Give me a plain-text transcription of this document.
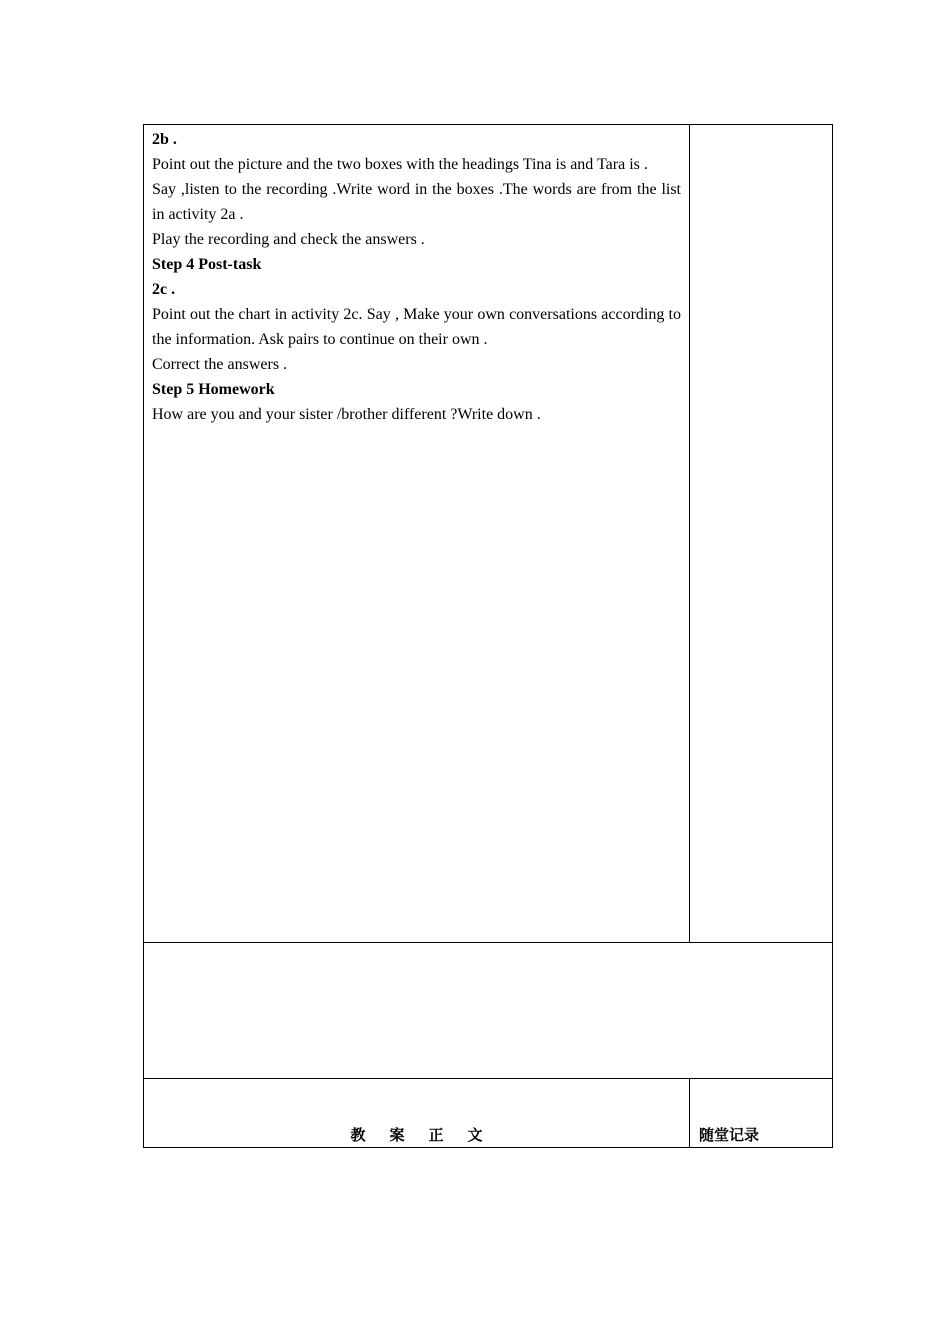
2b .

Point out the picture and the two boxes with the headings Tina is and Tara is .

Say ,listen to the recording .Write word in the boxes .The words are from the list in activity 2a .

Play the recording and check the answers .

Step 4 Post-task

2c .

Point out the chart in activity 2c. Say , Make your own conversations according to the information. Ask pairs to continue on their own .

Correct the answers .

Step 5 Homework

How are you and your sister /brother different ?Write down .

教 案 正 文	随堂记录
